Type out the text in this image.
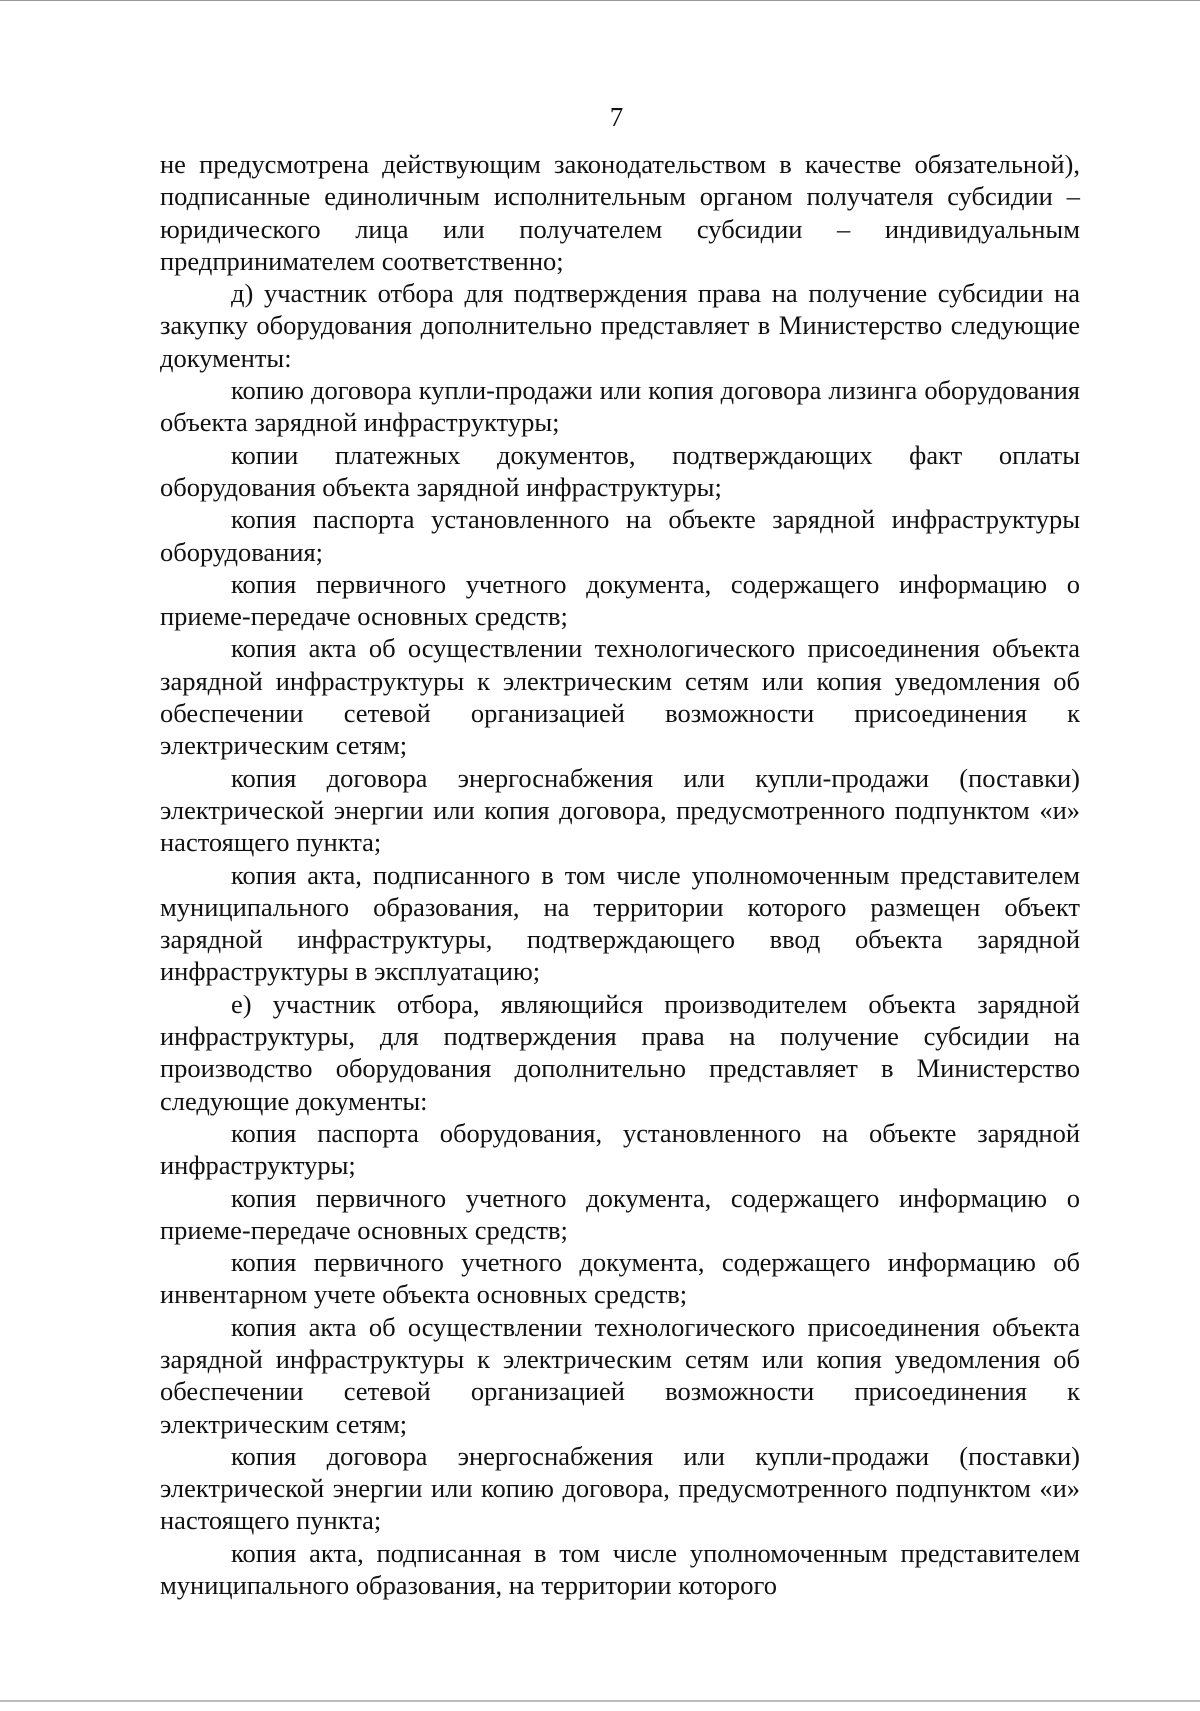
7

не предусмотрена действующим законодательством в качестве обязательной), подписанные единоличным исполнительным органом получателя субсидии – юридического лица или получателем субсидии – индивидуальным предпринимателем соответственно;

д) участник отбора для подтверждения права на получение субсидии на закупку оборудования дополнительно представляет в Министерство следующие документы:

копию договора купли-продажи или копия договора лизинга оборудования объекта зарядной инфраструктуры;

копии платежных документов, подтверждающих факт оплаты оборудования объекта зарядной инфраструктуры;

копия паспорта установленного на объекте зарядной инфраструктуры оборудования;

копия первичного учетного документа, содержащего информацию о приеме-передаче основных средств;

копия акта об осуществлении технологического присоединения объекта зарядной инфраструктуры к электрическим сетям или копия уведомления об обеспечении сетевой организацией возможности присоединения к электрическим сетям;

копия договора энергоснабжения или купли-продажи (поставки) электрической энергии или копия договора, предусмотренного подпунктом «и» настоящего пункта;

копия акта, подписанного в том числе уполномоченным представителем муниципального образования, на территории которого размещен объект зарядной инфраструктуры, подтверждающего ввод объекта зарядной инфраструктуры в эксплуатацию;

е) участник отбора, являющийся производителем объекта зарядной инфраструктуры, для подтверждения права на получение субсидии на производство оборудования дополнительно представляет в Министерство следующие документы:

копия паспорта оборудования, установленного на объекте зарядной инфраструктуры;

копия первичного учетного документа, содержащего информацию о приеме-передаче основных средств;

копия первичного учетного документа, содержащего информацию об инвентарном учете объекта основных средств;

копия акта об осуществлении технологического присоединения объекта зарядной инфраструктуры к электрическим сетям или копия уведомления об обеспечении сетевой организацией возможности присоединения к электрическим сетям;

копия договора энергоснабжения или купли-продажи (поставки) электрической энергии или копию договора, предусмотренного подпунктом «и» настоящего пункта;

копия акта, подписанная в том числе уполномоченным представителем муниципального образования, на территории которого
